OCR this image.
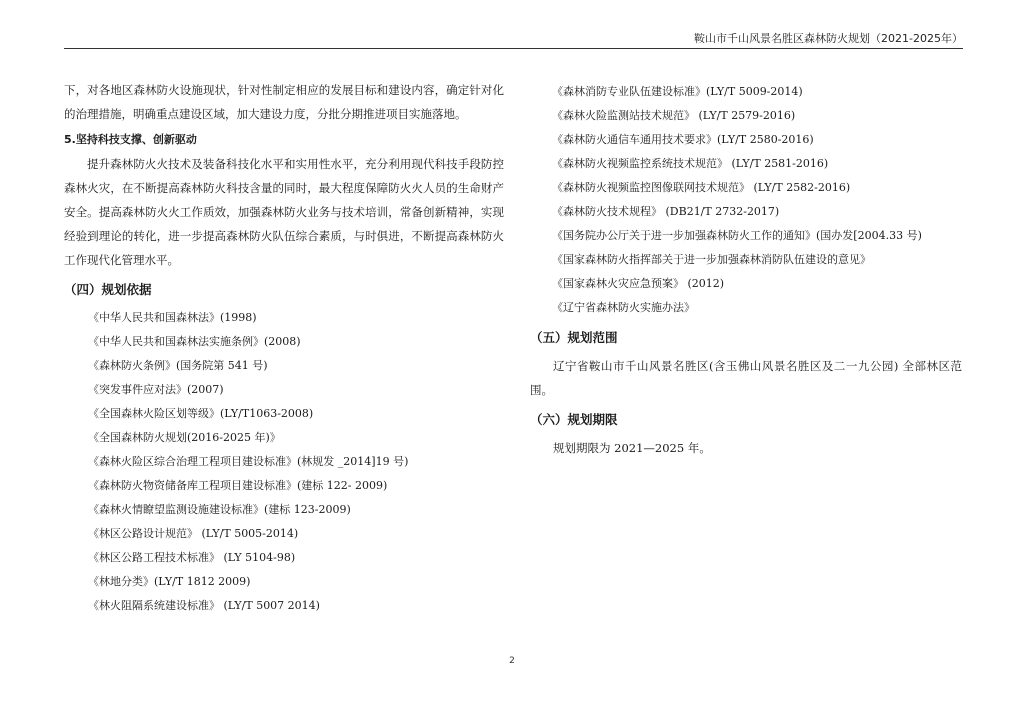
鞍山市千山风景名胜区森林防火规划（2021-2025年）

下，对各地区森林防火设施现状，针对性制定相应的发展目标和建设内容，确定针对化的治理措施，明确重点建设区域，加大建设力度，分批分期推进项目实施落地。

5.坚持科技支撑、创新驱动

提升森林防火火技术及装备科技化水平和实用性水平，充分利用现代科技手段防控森林火灾，在不断提高森林防火科技含量的同时，最大程度保障防火火人员的生命财产安全。提高森林防火火工作质效，加强森林防火业务与技术培训，常备创新精神，实现经验到理论的转化，进一步提高森林防火队伍综合素质，与时俱进，不断提高森林防火工作现代化管理水平。

（四）规划依据
《中华人民共和国森林法》(1998)
《中华人民共和国森林法实施条例》(2008)
《森林防火条例》(国务院第 541 号)
《突发事件应对法》(2007)
《全国森林火险区划等级》(LY/T1063-2008)
《全国森林防火规划(2016-2025 年)》
《森林火险区综合治理工程项目建设标准》(林规发 _2014]19 号)
《森林防火物资储备库工程项目建设标准》(建标 122- 2009)
《森林火情瞭望监测设施建设标准》(建标 123-2009)
《林区公路设计规范》 (LY/T 5005-2014)
《林区公路工程技术标准》 (LY 5104-98)
《林地分类》(LY/T 1812 2009)
《林火阻隔系统建设标准》 (LY/T 5007 2014)
《森林消防专业队伍建设标准》(LY/T 5009-2014)
《森林火险监测站技术规范》 (LY/T 2579-2016)
《森林防火通信车通用技术要求》(LY/T 2580-2016)
《森林防火视频监控系统技术规范》 (LY/T 2581-2016)
《森林防火视频监控图像联网技术规范》 (LY/T 2582-2016)
《森林防火技术规程》 (DB21/T 2732-2017)
《国务院办公厅关于进一步加强森林防火工作的通知》(国办发[2004.33 号)
《国家森林防火指挥部关于进一步加强森林消防队伍建设的意见》
《国家森林火灾应急预案》 (2012)
《辽宁省森林防火实施办法》
（五）规划范围

辽宁省鞍山市千山风景名胜区(含玉佛山风景名胜区及二一九公园) 全部林区范围。

（六）规划期限

规划期限为 2021—2025 年。

2
